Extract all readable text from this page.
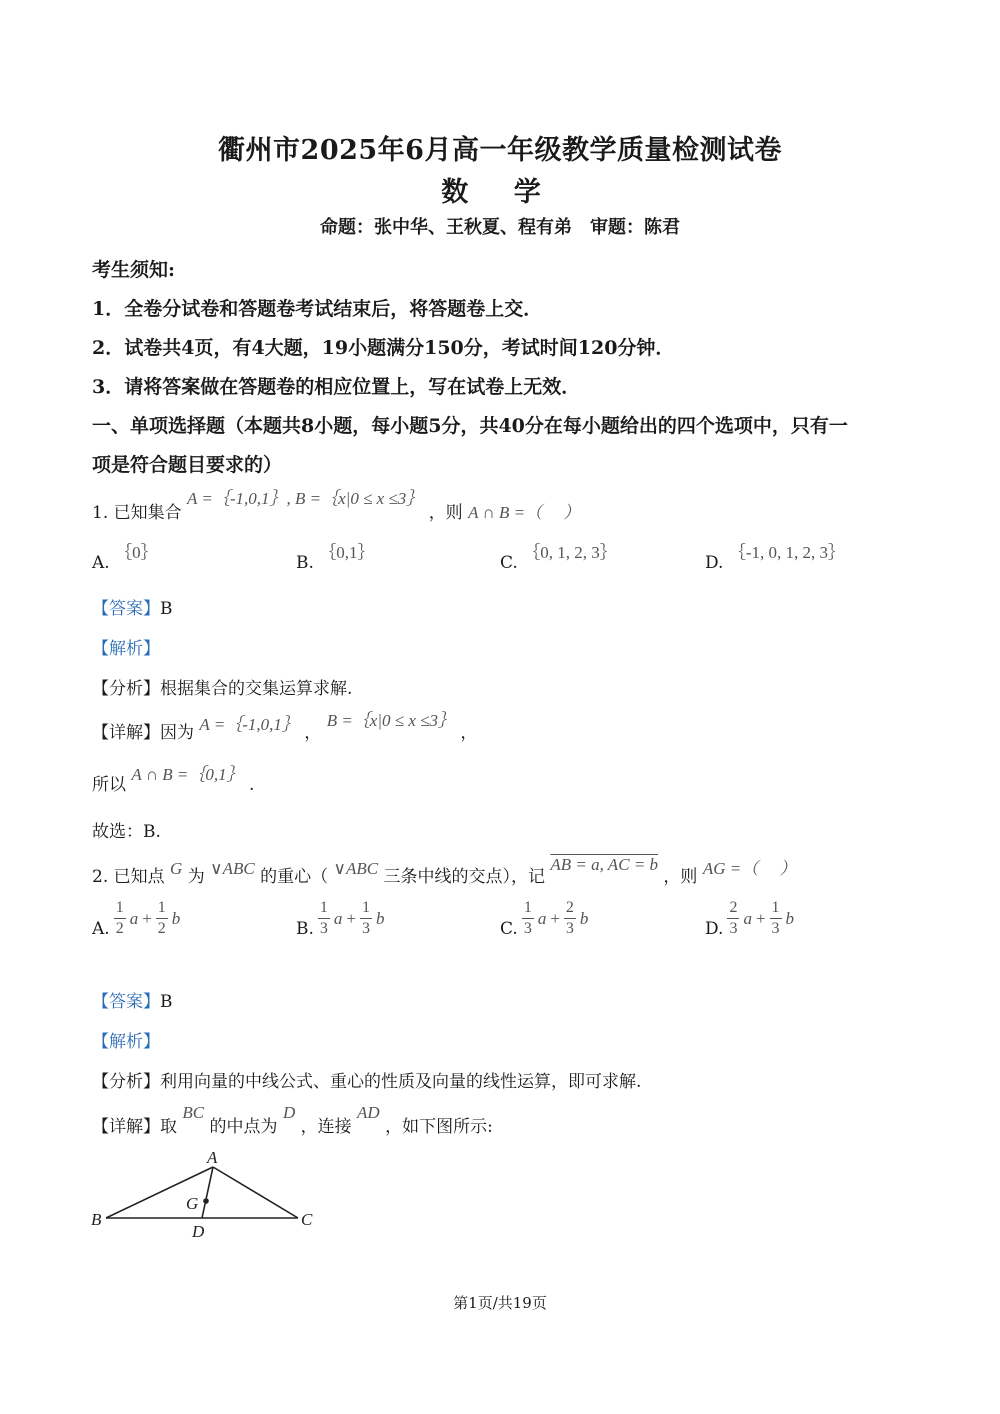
衢州市2025年6月高一年级教学质量检测试卷
数 学
命题：张中华、王秋夏、程有弟　审题：陈君
考生须知:
1．全卷分试卷和答题卷考试结束后，将答题卷上交．
2．试卷共4页，有4大题，19小题满分150分，考试时间120分钟．
3．请将答案做在答题卷的相应位置上，写在试卷上无效．
一、单项选择题（本题共8小题，每小题5分，共40分在每小题给出的四个选项中，只有一
项是符合题目要求的）
1. 已知集合 A =｛-1,0,1｝, B =｛x|0 ≤ x ≤3｝ ，则 A ∩ B =（　 ）
A. ｛0｝
B. ｛0,1｝
C. ｛0, 1, 2, 3｝
D. ｛-1, 0, 1, 2, 3｝
【答案】B
【解析】
【分析】根据集合的交集运算求解.
【详解】因为 A =｛-1,0,1｝ ， B =｛x|0 ≤ x ≤3｝ ，
所以 A ∩ B =｛0,1｝ .
故选：B.
2. 已知点 G 为 ∨ABC 的重心（ ∨ABC 三条中线的交点），记 AB = a, AC = b ，则 AG =（　 ）
A. $\frac{1}{2}$ $a + \frac{1}{2}$ b
B. $\frac{1}{3}$ $a + \frac{1}{3}$ b
C. $\frac{1}{3}$ $a + \frac{2}{3}$ b
D. $\frac{2}{3}$ $a + \frac{1}{3}$ b
【答案】B
【解析】
【分析】利用向量的中线公式、重心的性质及向量的线性运算，即可求解.
【详解】取 BC 的中点为 D ，连接 AD ，如下图所示:
A
B	C
D
G
第1页/共19页
